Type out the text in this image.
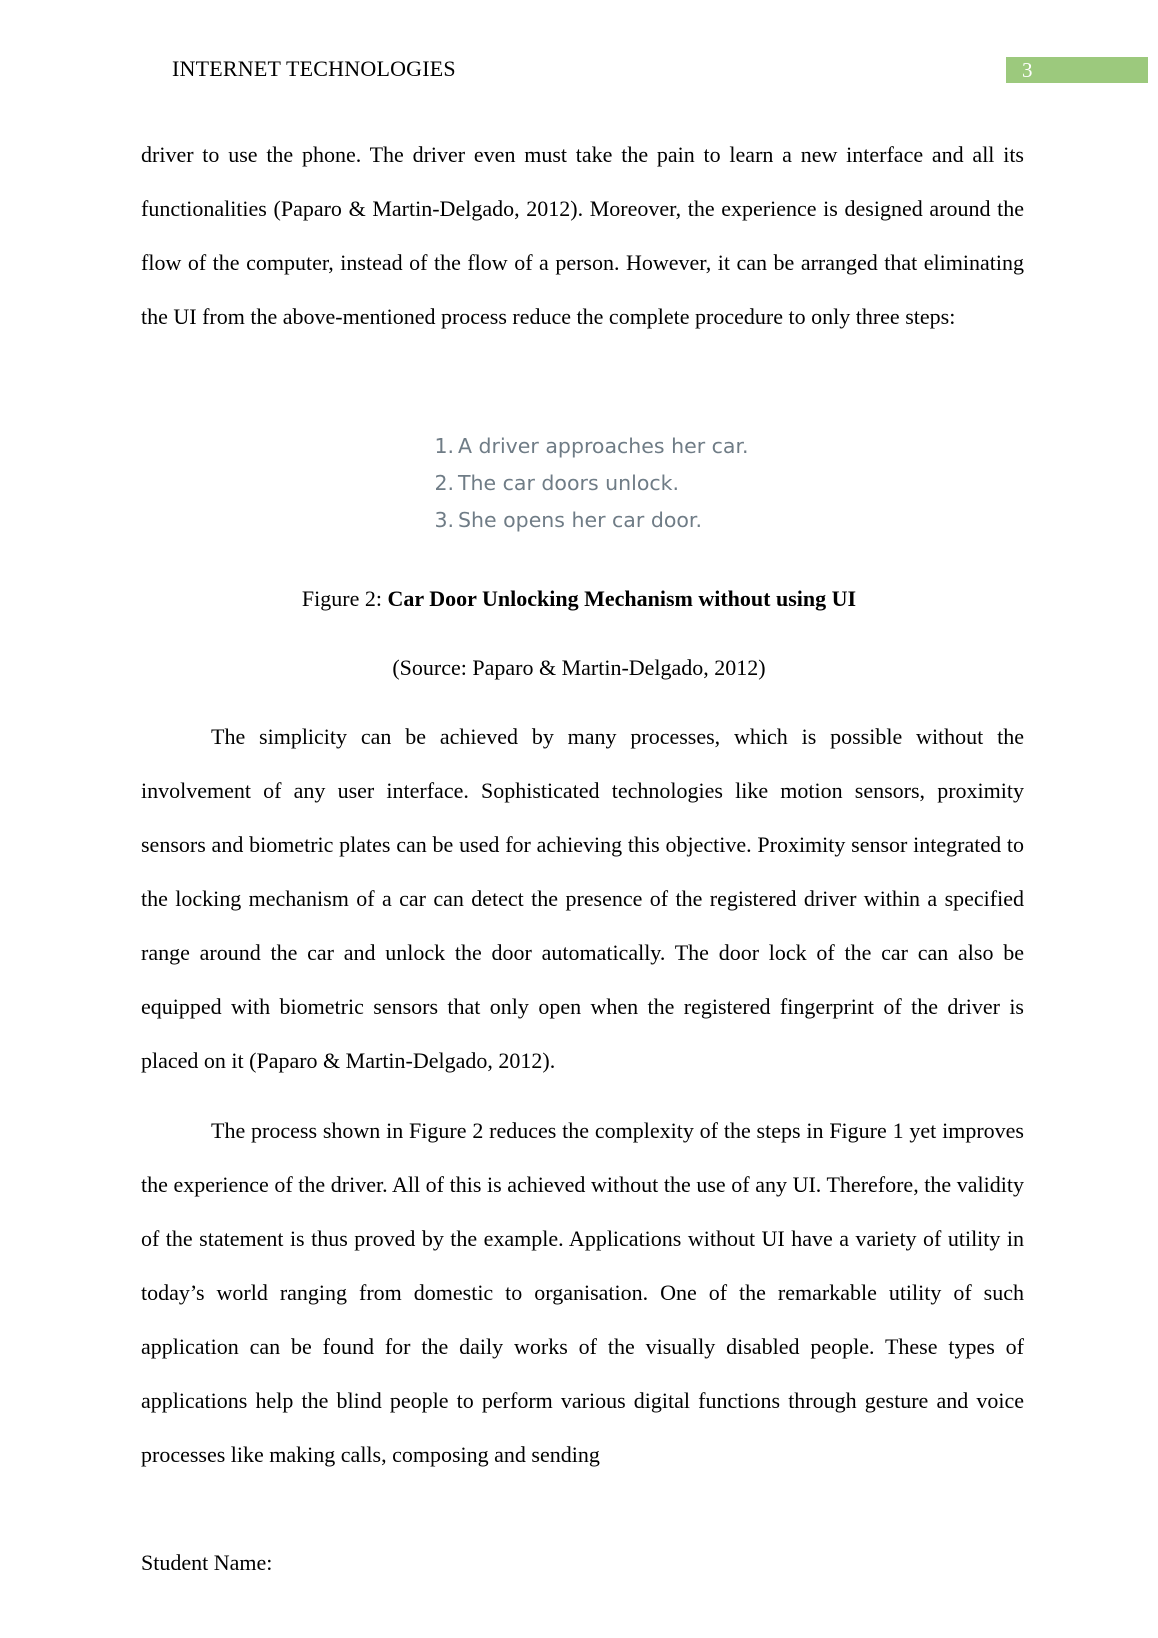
INTERNET TECHNOLOGIES	3

driver to use the phone. The driver even must take the pain to learn a new interface and all its functionalities (Paparo & Martin-Delgado, 2012). Moreover, the experience is designed around the flow of the computer, instead of the flow of a person. However, it can be arranged that eliminating the UI from the above-mentioned process reduce the complete procedure to only three steps:

1. A driver approaches her car.
2. The car doors unlock.
3. She opens her car door.
Figure 2: Car Door Unlocking Mechanism without using UI
(Source: Paparo & Martin-Delgado, 2012)

The simplicity can be achieved by many processes, which is possible without the involvement of any user interface. Sophisticated technologies like motion sensors, proximity sensors and biometric plates can be used for achieving this objective. Proximity sensor integrated to the locking mechanism of a car can detect the presence of the registered driver within a specified range around the car and unlock the door automatically. The door lock of the car can also be equipped with biometric sensors that only open when the registered fingerprint of the driver is placed on it (Paparo & Martin-Delgado, 2012).

The process shown in Figure 2 reduces the complexity of the steps in Figure 1 yet improves the experience of the driver. All of this is achieved without the use of any UI. Therefore, the validity of the statement is thus proved by the example. Applications without UI have a variety of utility in today’s world ranging from domestic to organisation. One of the remarkable utility of such application can be found for the daily works of the visually disabled people. These types of applications help the blind people to perform various digital functions through gesture and voice processes like making calls, composing and sending

Student Name:
